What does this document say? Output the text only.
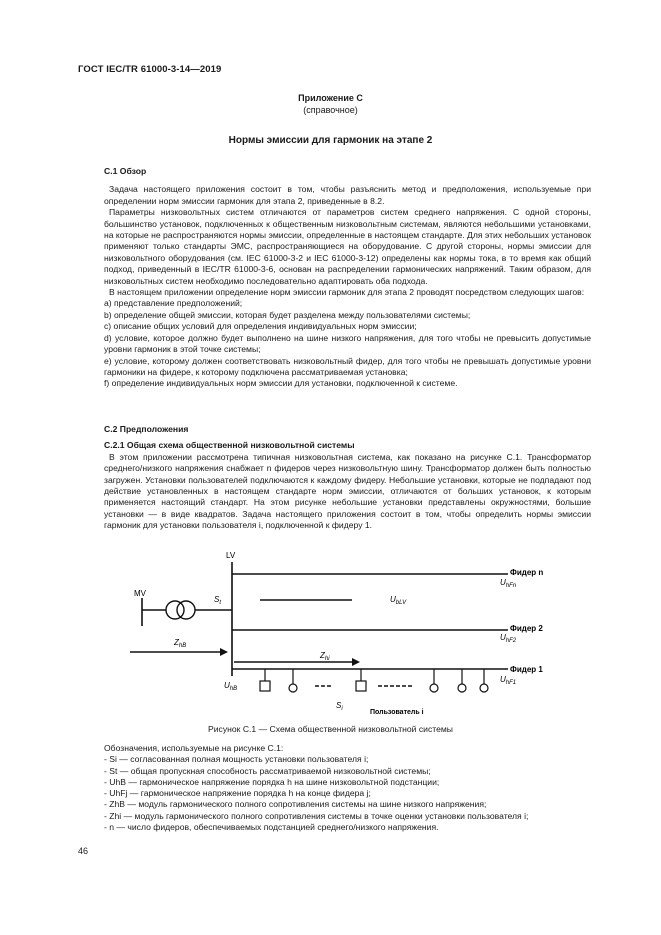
ГОСТ IEC/TR 61000-3-14—2019
Приложение С
(справочное)
Нормы эмиссии для гармоник на этапе 2

С.1 Обзор

Задача настоящего приложения состоит в том, чтобы разъяснить метод и предположения, используемые при определении норм эмиссии гармоник для этапа 2, приведенные в 8.2.

Параметры низковольтных систем отличаются от параметров систем среднего напряжения. С одной стороны, большинство установок, подключенных к общественным низковольтным системам, являются небольшими установками, на которые не распространяются нормы эмиссии, определенные в настоящем стандарте. Для этих небольших установок применяют только стандарты ЭМС, распространяющиеся на оборудование. С другой стороны, нормы эмиссии для низковольтного оборудования (см. IEC 61000-3-2 и IEC 61000-3-12) определены как нормы тока, в то время как общий подход, приведенный в IEC/TR 61000-3-6, основан на распределении гармонических напряжений. Таким образом, для низковольтных систем необходимо последовательно адаптировать оба подхода.

В настоящем приложении определение норм эмиссии гармоник для этапа 2 проводят посредством следующих шагов:

а) представление предположений;

b) определение общей эмиссии, которая будет разделена между пользователями системы;

с) описание общих условий для определения индивидуальных норм эмиссии;

d) условие, которое должно будет выполнено на шине низкого напряжения, для того чтобы не превысить допустимые уровни гармоник в этой точке системы;

е) условие, которому должен соответствовать низковольтный фидер, для того чтобы не превышать допустимые уровни гармоники на фидере, к которому подключена рассматриваемая установка;

f) определение индивидуальных норм эмиссии для установки, подключенной к системе.

С.2 Предположения

С.2.1 Общая схема общественной низковольтной системы

В этом приложении рассмотрена типичная низковольтная система, как показано на рисунке С.1. Трансформатор среднего/низкого напряжения снабжает n фидеров через низковольтную шину. Трансформатор должен быть полностью загружен. Установки пользователей подключаются к каждому фидеру. Небольшие установки, которые не подпадают под действие установленных в настоящем стандарте норм эмиссии, отличаются от больших установок, к которым применяется настоящий стандарт. На этом рисунке небольшие установки представлены окружностями, большие установки — в виде квадратов. Задача настоящего приложения состоит в том, чтобы определить нормы эмиссии гармоник для установки пользователя i, подключенной к фидеру 1.

LV
Фидер n
$U_{hFn}$
Фидер 2
$U_{hF2}$
Фидер 1
$U_{hF1}$
MV
$S_t$	$U_{bLV}$
$Z_{hB}$
$Z_{hi}$
$U_{hB}$
$S_i$	Пользователь i
Рисунок С.1 — Схема общественной низковольтной системы

Обозначения, используемые на рисунке С.1:

- Si — согласованная полная мощность установки пользователя i;

- St — общая пропускная способность рассматриваемой низковольтной системы;

- UhB — гармоническое напряжение порядка h на шине низковольтной подстанции;

- UhFj — гармоническое напряжение порядка h на конце фидера j;

- ZhB — модуль гармонического полного сопротивления системы на шине низкого напряжения;

- Zhi — модуль гармонического полного сопротивления системы в точке оценки установки пользователя i;

- n — число фидеров, обеспечиваемых подстанцией среднего/низкого напряжения.

46
